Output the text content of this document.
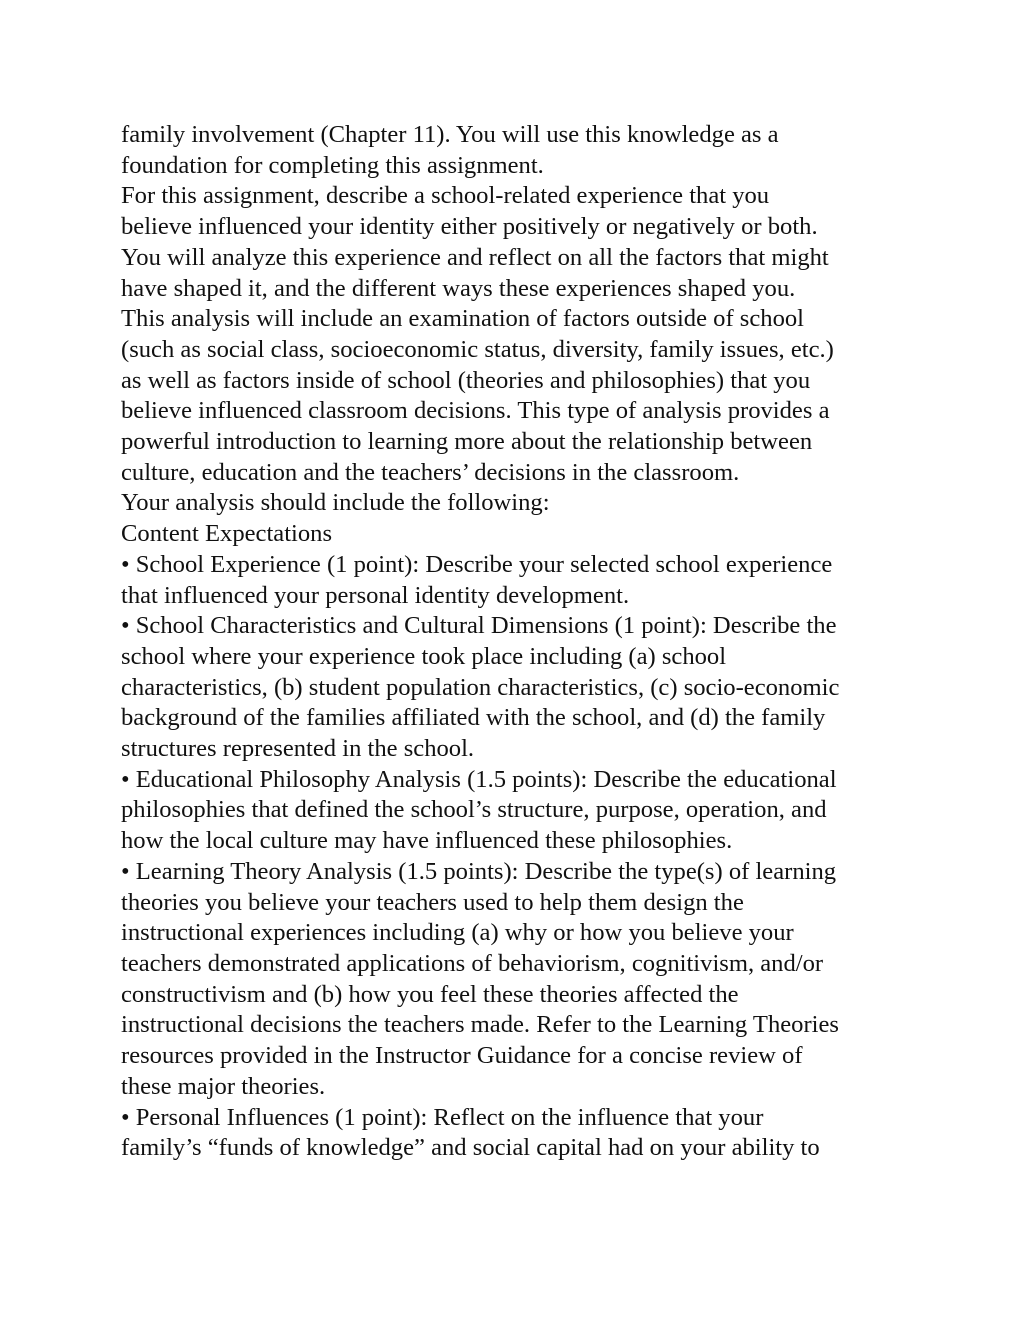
family involvement (Chapter 11). You will use this knowledge as a
foundation for completing this assignment.
For this assignment, describe a school-related experience that you
believe influenced your identity either positively or negatively or both.
You will analyze this experience and reflect on all the factors that might
have shaped it, and the different ways these experiences shaped you.
This analysis will include an examination of factors outside of school
(such as social class, socioeconomic status, diversity, family issues, etc.)
as well as factors inside of school (theories and philosophies) that you
believe influenced classroom decisions. This type of analysis provides a
powerful introduction to learning more about the relationship between
culture, education and the teachers’ decisions in the classroom.
Your analysis should include the following:
Content Expectations
• School Experience (1 point): Describe your selected school experience
that influenced your personal identity development.
• School Characteristics and Cultural Dimensions (1 point): Describe the
school where your experience took place including (a) school
characteristics, (b) student population characteristics, (c) socio-economic
background of the families affiliated with the school, and (d) the family
structures represented in the school.
• Educational Philosophy Analysis (1.5 points): Describe the educational
philosophies that defined the school’s structure, purpose, operation, and
how the local culture may have influenced these philosophies.
• Learning Theory Analysis (1.5 points): Describe the type(s) of learning
theories you believe your teachers used to help them design the
instructional experiences including (a) why or how you believe your
teachers demonstrated applications of behaviorism, cognitivism, and/or
constructivism and (b) how you feel these theories affected the
instructional decisions the teachers made. Refer to the Learning Theories
resources provided in the Instructor Guidance for a concise review of
these major theories.
• Personal Influences (1 point): Reflect on the influence that your
family’s “funds of knowledge” and social capital had on your ability to
